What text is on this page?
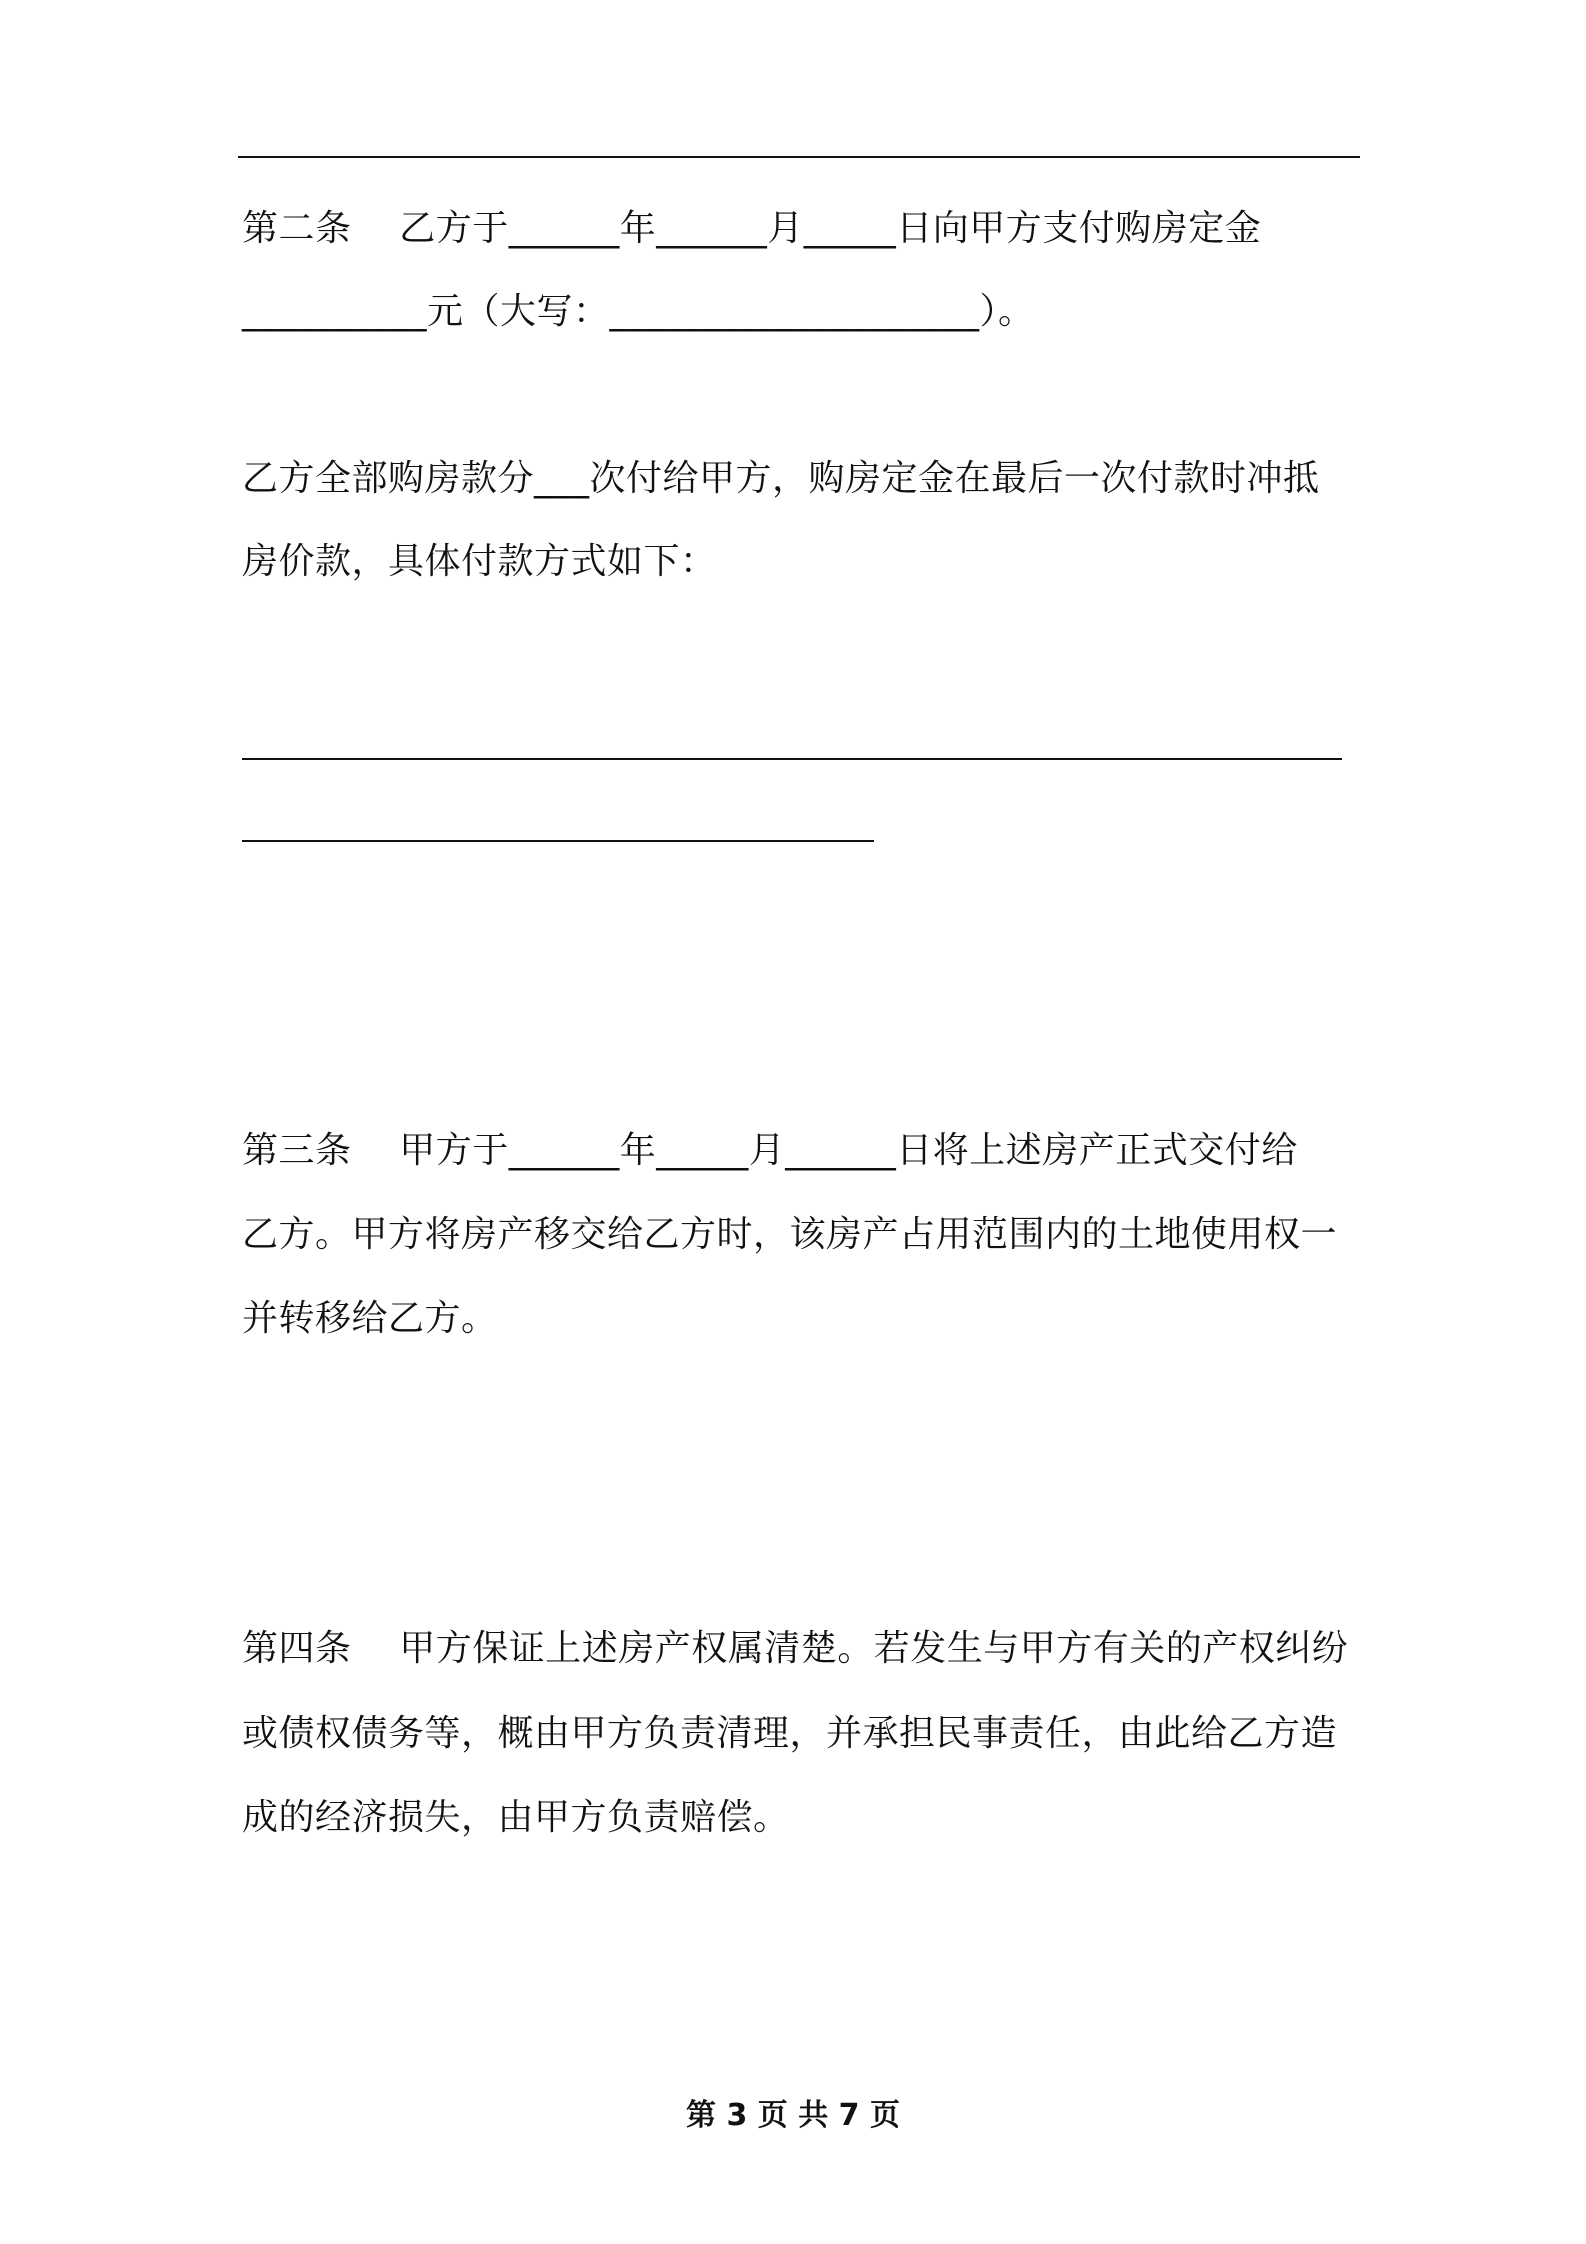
第二条    乙方于______年______月_____日向甲方支付购房定金
__________元（大写：____________________）。
乙方全部购房款分___次付给甲方，购房定金在最后一次付款时冲抵
房价款，具体付款方式如下：
第三条    甲方于______年_____月______日将上述房产正式交付给
乙方。甲方将房产移交给乙方时，该房产占用范围内的土地使用权一
并转移给乙方。
第四条    甲方保证上述房产权属清楚。若发生与甲方有关的产权纠纷
或债权债务等，概由甲方负责清理，并承担民事责任，由此给乙方造
成的经济损失，由甲方负责赔偿。
第 3 页 共 7 页
